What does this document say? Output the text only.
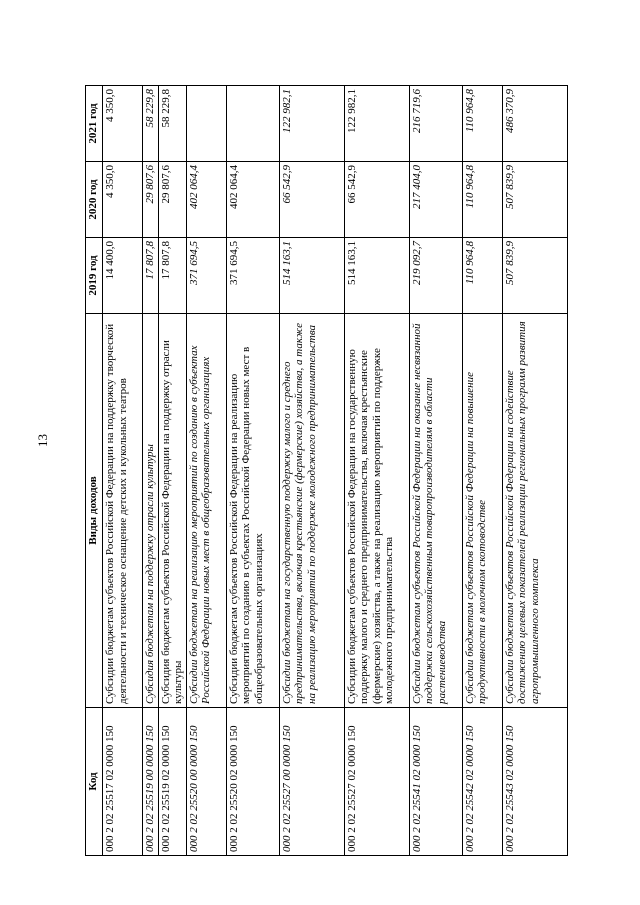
13
Код	Виды доходов	2019 год	2020 год	2021 год
000 2 02 25517 02 0000 150	Субсидии бюджетам субъектов Российской Федерации на поддержку творческой деятельности и техническое оснащение детских и кукольных театров	14 400,0	4 350,0	4 350,0
000 2 02 25519 00 0000 150	Субсидия бюджетам на поддержку отрасли культуры	17 807,8	29 807,6	58 229,8
000 2 02 25519 02 0000 150	Субсидия бюджетам субъектов Российской Федерации на поддержку отрасли культуры	17 807,8	29 807,6	58 229,8
000 2 02 25520 00 0000 150	Субсидии бюджетам на реализацию мероприятий по созданию в субъектах Российской Федерации новых мест в общеобразовательных организациях	371 694,5	402 064,4	
000 2 02 25520 02 0000 150	Субсидии бюджетам субъектов Российской Федерации на реализацию мероприятий по созданию в субъектах Российской Федерации новых мест в общеобразовательных организациях	371 694,5	402 064,4	
000 2 02 25527 00 0000 150	Субсидии бюджетам на государственную поддержку малого и среднего предпринимательства, включая крестьянские (фермерские) хозяйства, а также на реализацию мероприятий по поддержке молодежного предпринимательства	514 163,1	66 542,9	122 982,1
000 2 02 25527 02 0000 150	Субсидии бюджетам субъектов Российской Федерации на государственную поддержку малого и среднего предпринимательства, включая крестьянские (фермерские) хозяйства, а также на реализацию мероприятий по поддержке молодежного предпринимательства	514 163,1	66 542,9	122 982,1
000 2 02 25541 02 0000 150	Субсидии бюджетам субъектов Российской Федерации на оказание несвязанной поддержки сельскохозяйственным товаропроизводителям в области растениеводства	219 092,7	217 404,0	216 719,6
000 2 02 25542 02 0000 150	Субсидии бюджетам субъектов Российской Федерации на повышение продуктивности в молочном скотоводстве	110 964,8	110 964,8	110 964,8
000 2 02 25543 02 0000 150	Субсидии бюджетам субъектов Российской Федерации на содействие достижению целевых показателей реализации региональных программ развития агропромышленного комплекса	507 839,9	507 839,9	486 370,9
